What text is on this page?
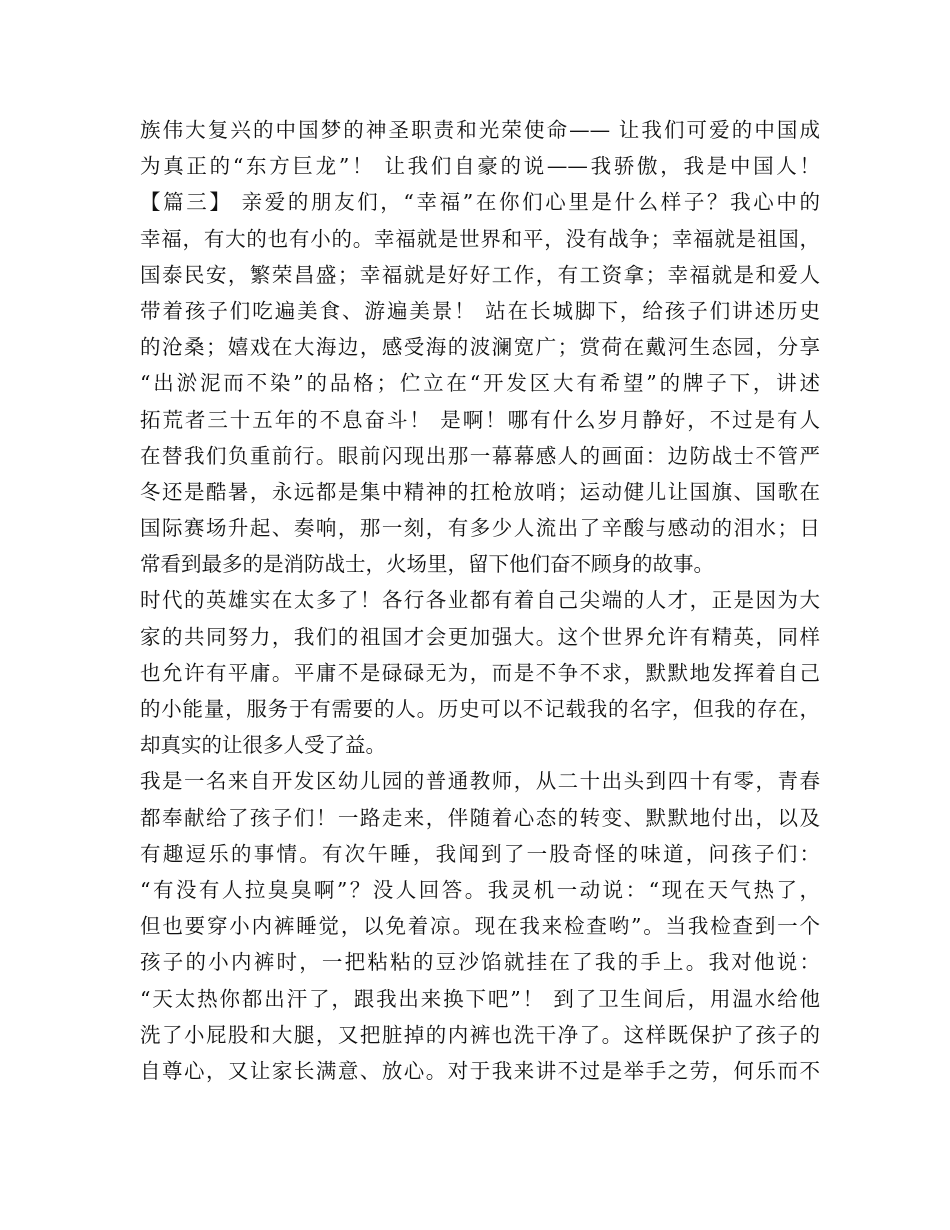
族伟大复兴的中国梦的神圣职责和光荣使命—— 让我们可爱的中国成
为真正的“东方巨龙”！ 让我们自豪的说——我骄傲，我是中国人！
【篇三】 亲爱的朋友们，“幸福”在你们心里是什么样子？我心中的
幸福，有大的也有小的。幸福就是世界和平，没有战争；幸福就是祖国，
国泰民安，繁荣昌盛；幸福就是好好工作，有工资拿；幸福就是和爱人
带着孩子们吃遍美食、游遍美景！ 站在长城脚下，给孩子们讲述历史
的沧桑；嬉戏在大海边，感受海的波澜宽广；赏荷在戴河生态园，分享
“出淤泥而不染”的品格；伫立在“开发区大有希望”的牌子下，讲述
拓荒者三十五年的不息奋斗！ 是啊！哪有什么岁月静好，不过是有人
在替我们负重前行。眼前闪现出那一幕幕感人的画面：边防战士不管严
冬还是酷暑，永远都是集中精神的扛枪放哨；运动健儿让国旗、国歌在
国际赛场升起、奏响，那一刻，有多少人流出了辛酸与感动的泪水；日
常看到最多的是消防战士，火场里，留下他们奋不顾身的故事。
时代的英雄实在太多了！各行各业都有着自己尖端的人才，正是因为大
家的共同努力，我们的祖国才会更加强大。这个世界允许有精英，同样
也允许有平庸。平庸不是碌碌无为，而是不争不求，默默地发挥着自己
的小能量，服务于有需要的人。历史可以不记载我的名字，但我的存在，
却真实的让很多人受了益。
我是一名来自开发区幼儿园的普通教师，从二十出头到四十有零，青春
都奉献给了孩子们！一路走来，伴随着心态的转变、默默地付出，以及
有趣逗乐的事情。有次午睡，我闻到了一股奇怪的味道，问孩子们：
“有没有人拉臭臭啊”？没人回答。我灵机一动说：“现在天气热了，
但也要穿小内裤睡觉，以免着凉。现在我来检查哟”。当我检查到一个
孩子的小内裤时，一把粘粘的豆沙馅就挂在了我的手上。我对他说：
“天太热你都出汗了，跟我出来换下吧”！ 到了卫生间后，用温水给他
洗了小屁股和大腿，又把脏掉的内裤也洗干净了。这样既保护了孩子的
自尊心，又让家长满意、放心。对于我来讲不过是举手之劳，何乐而不
